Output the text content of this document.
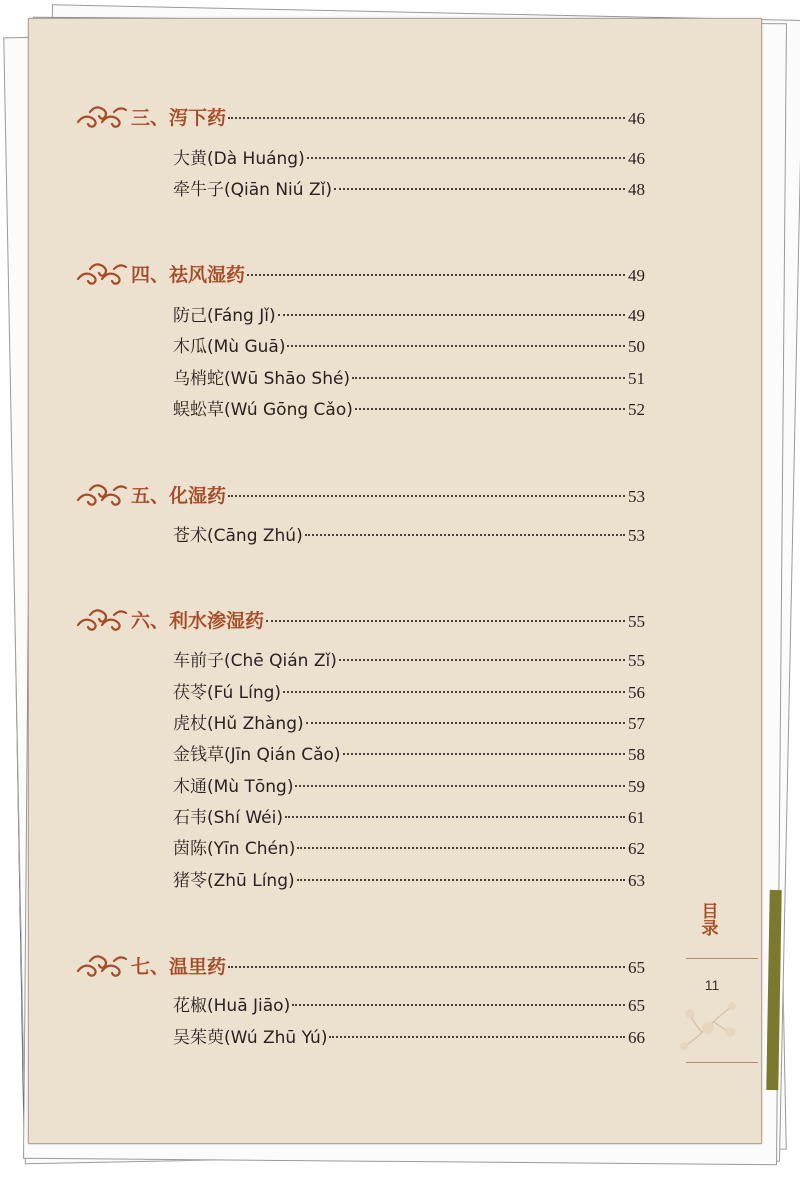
三、泻下药	46
大黄(Dà Huáng)	46
牵牛子(Qiān Niú Zǐ)	48
四、祛风湿药	49
防己(Fáng Jǐ)	49
木瓜(Mù Guā)	50
乌梢蛇(Wū Shāo Shé)	51
蜈蚣草(Wú Gōng Cǎo)	52
五、化湿药	53
苍术(Cāng Zhú)	53
六、利水渗湿药	55
车前子(Chē Qián Zǐ)	55
茯苓(Fú Líng)	56
虎杖(Hǔ Zhàng)	57
金钱草(Jīn Qián Cǎo)	58
木通(Mù Tōng)	59
石韦(Shí Wéi)	61
茵陈(Yīn Chén)	62
猪苓(Zhū Líng)	63
七、温里药	65
花椒(Huā Jiāo)	65
吴茱萸(Wú Zhū Yú)	66
目
录
11
